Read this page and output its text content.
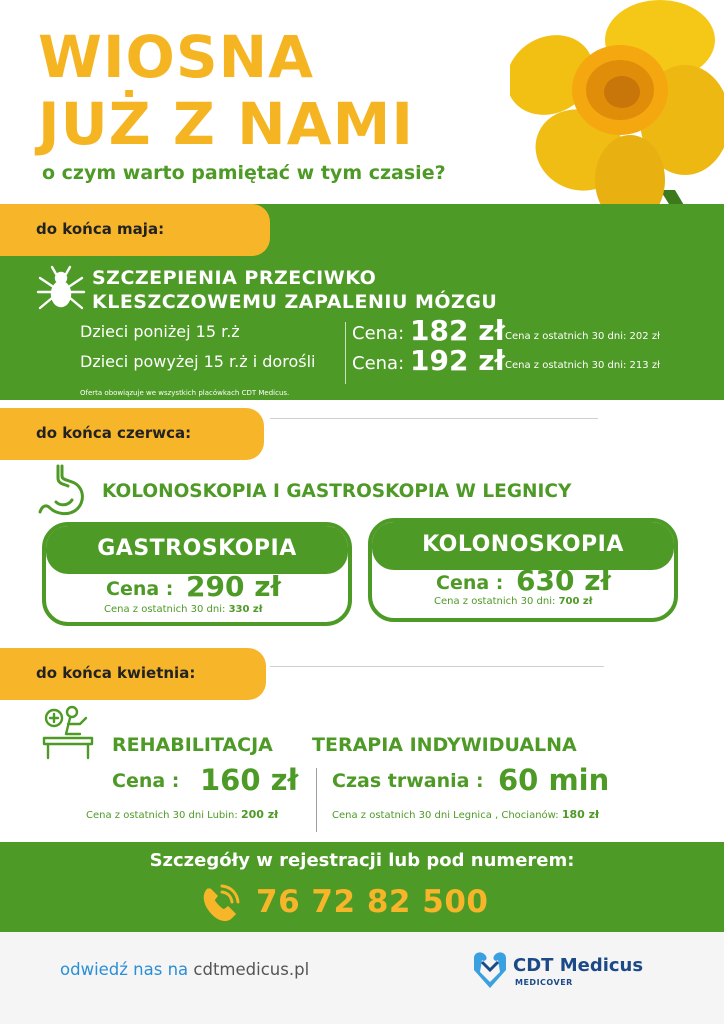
WIOSNA
JUŻ Z NAMI
o czym warto pamiętać w tym czasie?
do końca maja:
SZCZEPIENIA PRZECIWKO
KLESZCZOWEMU ZAPALENIU MÓZGU
Dzieci poniżej 15 r.ż
Dzieci powyżej 15 r.ż i dorośli
Cena:
Cena:
182 zł
192 zł
Cena z ostatnich 30 dni: 202 zł
Cena z ostatnich 30 dni: 213 zł
Oferta obowiązuje we wszystkich placówkach CDT Medicus.
do końca czerwca:
KOLONOSKOPIA I GASTROSKOPIA W LEGNICY
GASTROSKOPIA
Cena : 290 zł
Cena z ostatnich 30 dni: 330 zł
KOLONOSKOPIA
Cena : 630 zł
Cena z ostatnich 30 dni: 700 zł
do końca kwietnia:
REHABILITACJA TERAPIA INDYWIDUALNA
Cena : 160 zł Czas trwania : 60 min
Cena z ostatnich 30 dni Lubin: 200 zł	Cena z ostatnich 30 dni Legnica , Chocianów: 180 zł
Szczegóły w rejestracji lub pod numerem:
76 72 82 500
odwiedź nas na cdtmedicus.pl	CDT Medicus
MEDICOVER
